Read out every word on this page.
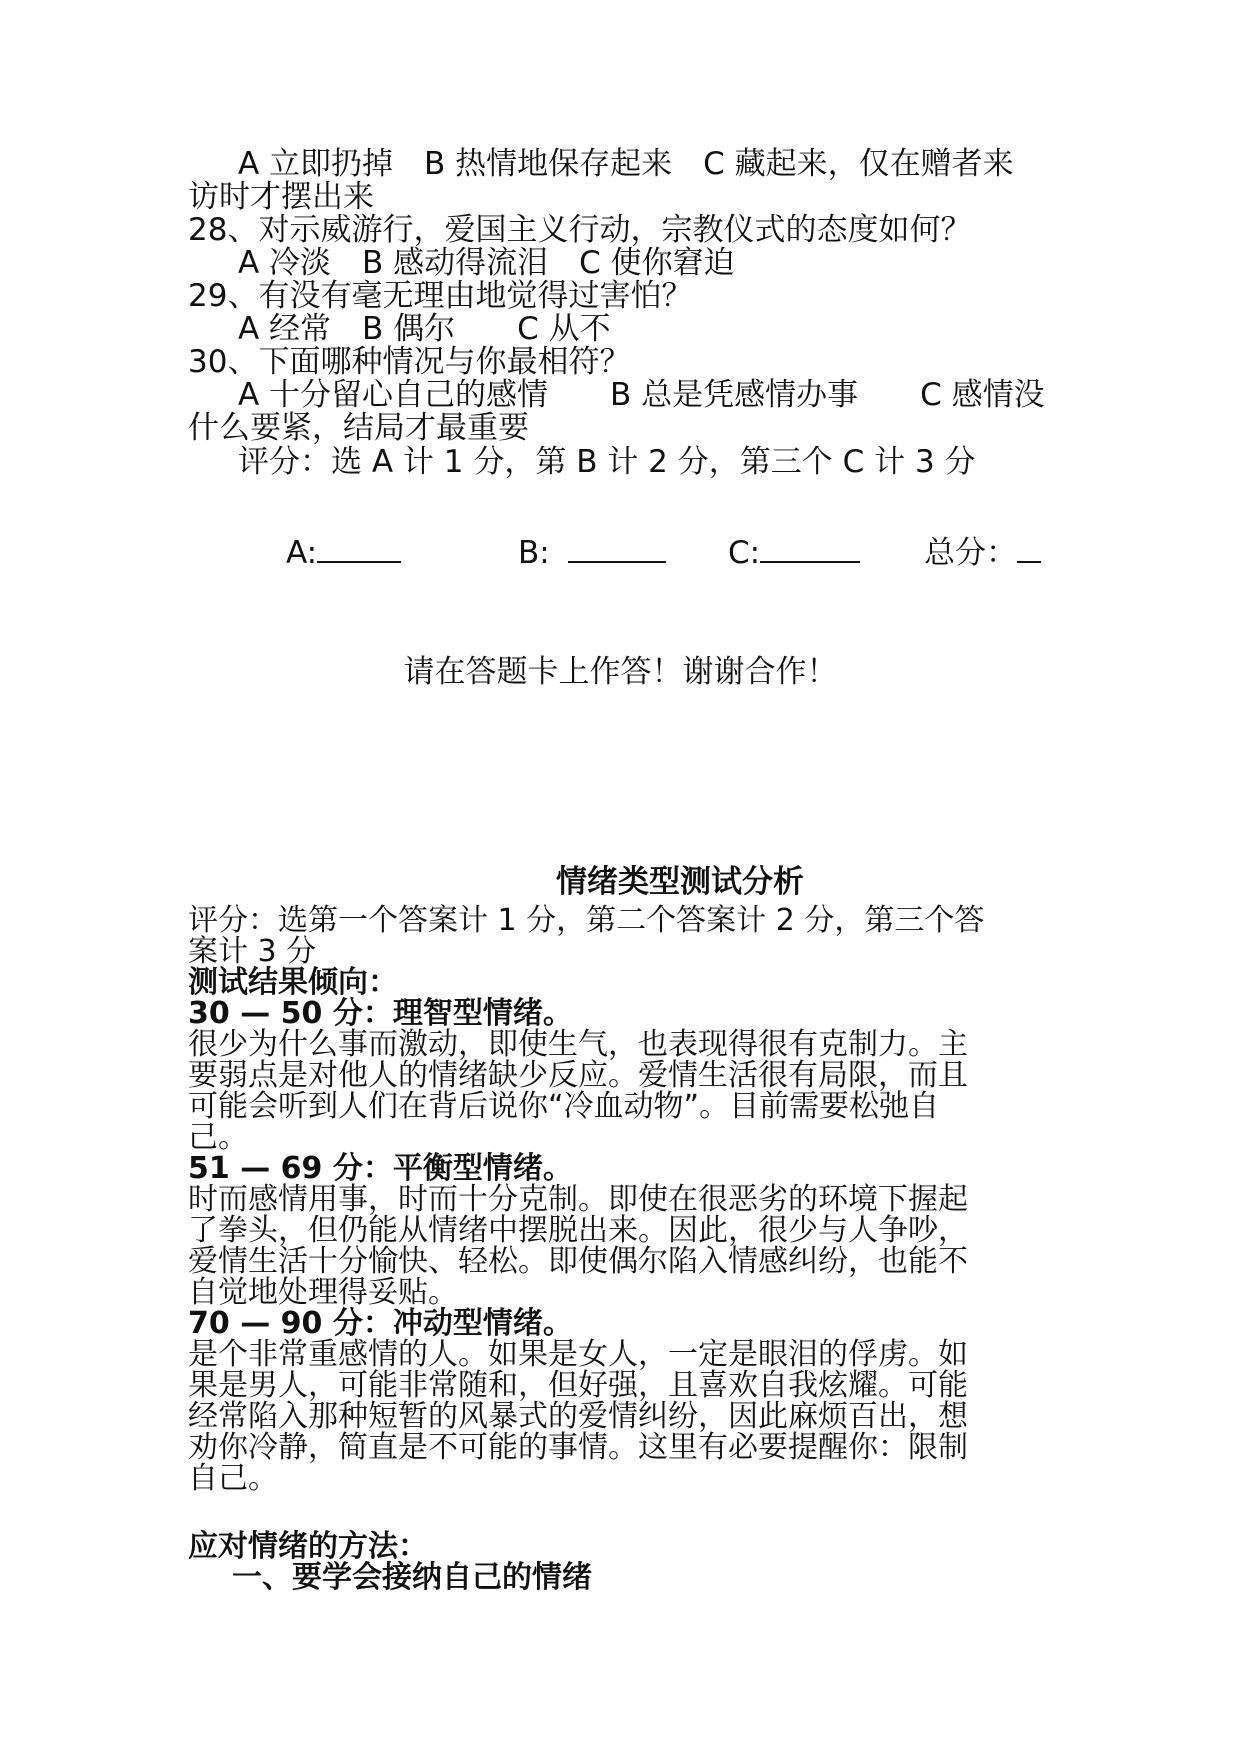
A 立即扔掉　B 热情地保存起来　C 藏起来，仅在赠者来
访时才摆出来
28、对示威游行，爱国主义行动，宗教仪式的态度如何？
A 冷淡　B 感动得流泪　C 使你窘迫
29、有没有毫无理由地觉得过害怕？
A 经常　B 偶尔　　C 从不
30、下面哪种情况与你最相符？
A 十分留心自己的感情　　B 总是凭感情办事　　C 感情没
什么要紧，结局才最重要
评分：选 A 计 1 分，第 B 计 2 分，第三个 C 计 3 分
A:	B:	C:	总分：
请在答题卡上作答！谢谢合作！
情绪类型测试分析
评分：选第一个答案计 1 分，第二个答案计 2 分，第三个答
案计 3 分
测试结果倾向：
30 — 50 分：理智型情绪。
很少为什么事而激动，即使生气，也表现得很有克制力。主
要弱点是对他人的情绪缺少反应。爱情生活很有局限，而且
可能会听到人们在背后说你“冷血动物”。目前需要松弛自
己。
51 — 69 分：平衡型情绪。
时而感情用事，时而十分克制。即使在很恶劣的环境下握起
了拳头，但仍能从情绪中摆脱出来。因此，很少与人争吵，
爱情生活十分愉快、轻松。即使偶尔陷入情感纠纷，也能不
自觉地处理得妥贴。
70 — 90 分：冲动型情绪。
是个非常重感情的人。如果是女人，一定是眼泪的俘虏。如
果是男人，可能非常随和，但好强，且喜欢自我炫耀。可能
经常陷入那种短暂的风暴式的爱情纠纷，因此麻烦百出，想
劝你冷静，简直是不可能的事情。这里有必要提醒你：限制
自己。
应对情绪的方法：
一、要学会接纳自己的情绪
